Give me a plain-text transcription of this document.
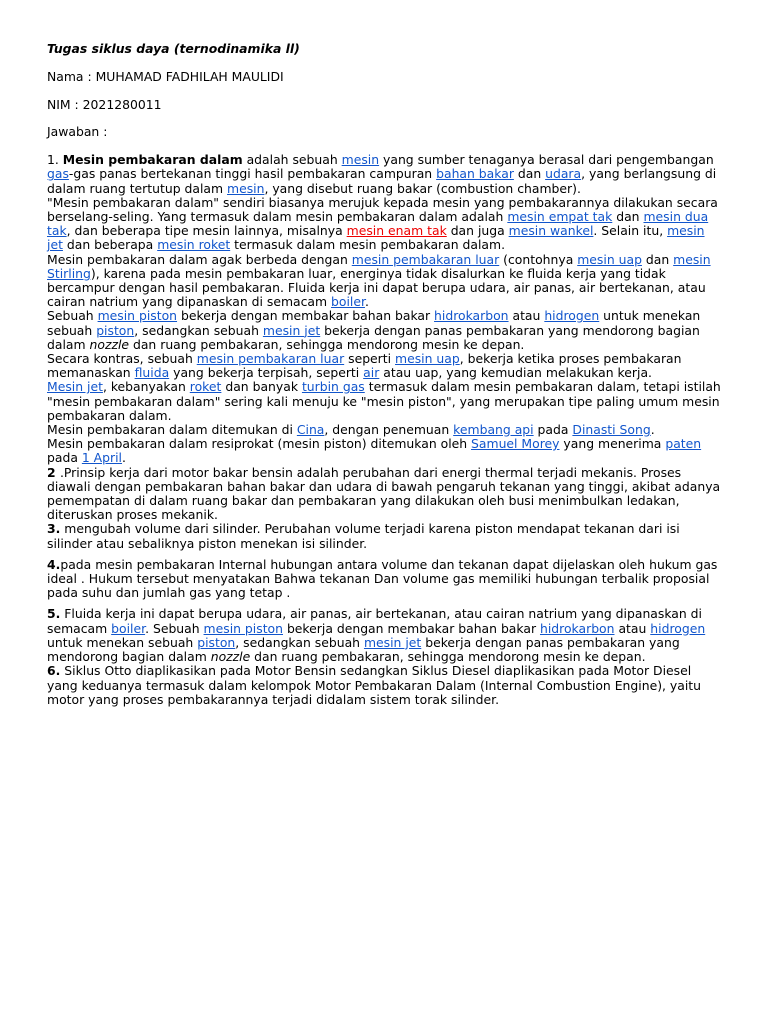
Tugas siklus daya (ternodinamika ll)

Nama : MUHAMAD FADHILAH MAULIDI

NIM : 2021280011

Jawaban :

1. Mesin pembakaran dalam adalah sebuah mesin yang sumber tenaganya berasal dari pengembangan gas-gas panas bertekanan tinggi hasil pembakaran campuran bahan bakar dan udara, yang berlangsung di dalam ruang tertutup dalam mesin, yang disebut ruang bakar (combustion chamber).

"Mesin pembakaran dalam" sendiri biasanya merujuk kepada mesin yang pembakarannya dilakukan secara berselang-seling. Yang termasuk dalam mesin pembakaran dalam adalah mesin empat tak dan mesin dua tak, dan beberapa tipe mesin lainnya, misalnya mesin enam tak dan juga mesin wankel. Selain itu, mesin jet dan beberapa mesin roket termasuk dalam mesin pembakaran dalam.

Mesin pembakaran dalam agak berbeda dengan mesin pembakaran luar (contohnya mesin uap dan mesin Stirling), karena pada mesin pembakaran luar, energinya tidak disalurkan ke fluida kerja yang tidak bercampur dengan hasil pembakaran. Fluida kerja ini dapat berupa udara, air panas, air bertekanan, atau cairan natrium yang dipanaskan di semacam boiler.

Sebuah mesin piston bekerja dengan membakar bahan bakar hidrokarbon atau hidrogen untuk menekan sebuah piston, sedangkan sebuah mesin jet bekerja dengan panas pembakaran yang mendorong bagian dalam nozzle dan ruang pembakaran, sehingga mendorong mesin ke depan.

Secara kontras, sebuah mesin pembakaran luar seperti mesin uap, bekerja ketika proses pembakaran memanaskan fluida yang bekerja terpisah, seperti air atau uap, yang kemudian melakukan kerja.

Mesin jet, kebanyakan roket dan banyak turbin gas termasuk dalam mesin pembakaran dalam, tetapi istilah "mesin pembakaran dalam" sering kali menuju ke "mesin piston", yang merupakan tipe paling umum mesin pembakaran dalam.

Mesin pembakaran dalam ditemukan di Cina, dengan penemuan kembang api pada Dinasti Song.

Mesin pembakaran dalam resiprokat (mesin piston) ditemukan oleh Samuel Morey yang menerima paten pada 1 April.

2 .Prinsip kerja dari motor bakar bensin adalah perubahan dari energi thermal terjadi mekanis. Proses diawali dengan pembakaran bahan bakar dan udara di bawah pengaruh tekanan yang tinggi, akibat adanya pemempatan di dalam ruang bakar dan pembakaran yang dilakukan oleh busi menimbulkan ledakan, diteruskan proses mekanik.

3. mengubah volume dari silinder. Perubahan volume terjadi karena piston mendapat tekanan dari isi silinder atau sebaliknya piston menekan isi silinder.

4.pada mesin pembakaran Internal hubungan antara volume dan tekanan dapat dijelaskan oleh hukum gas ideal . Hukum tersebut menyatakan Bahwa tekanan Dan volume gas memiliki hubungan terbalik proposial pada suhu dan jumlah gas yang tetap .

5. Fluida kerja ini dapat berupa udara, air panas, air bertekanan, atau cairan natrium yang dipanaskan di semacam boiler. Sebuah mesin piston bekerja dengan membakar bahan bakar hidrokarbon atau hidrogen untuk menekan sebuah piston, sedangkan sebuah mesin jet bekerja dengan panas pembakaran yang mendorong bagian dalam nozzle dan ruang pembakaran, sehingga mendorong mesin ke depan.

6. Siklus Otto diaplikasikan pada Motor Bensin sedangkan Siklus Diesel diaplikasikan pada Motor Diesel yang keduanya termasuk dalam kelompok Motor Pembakaran Dalam (Internal Combustion Engine), yaitu motor yang proses pembakarannya terjadi didalam sistem torak silinder.
